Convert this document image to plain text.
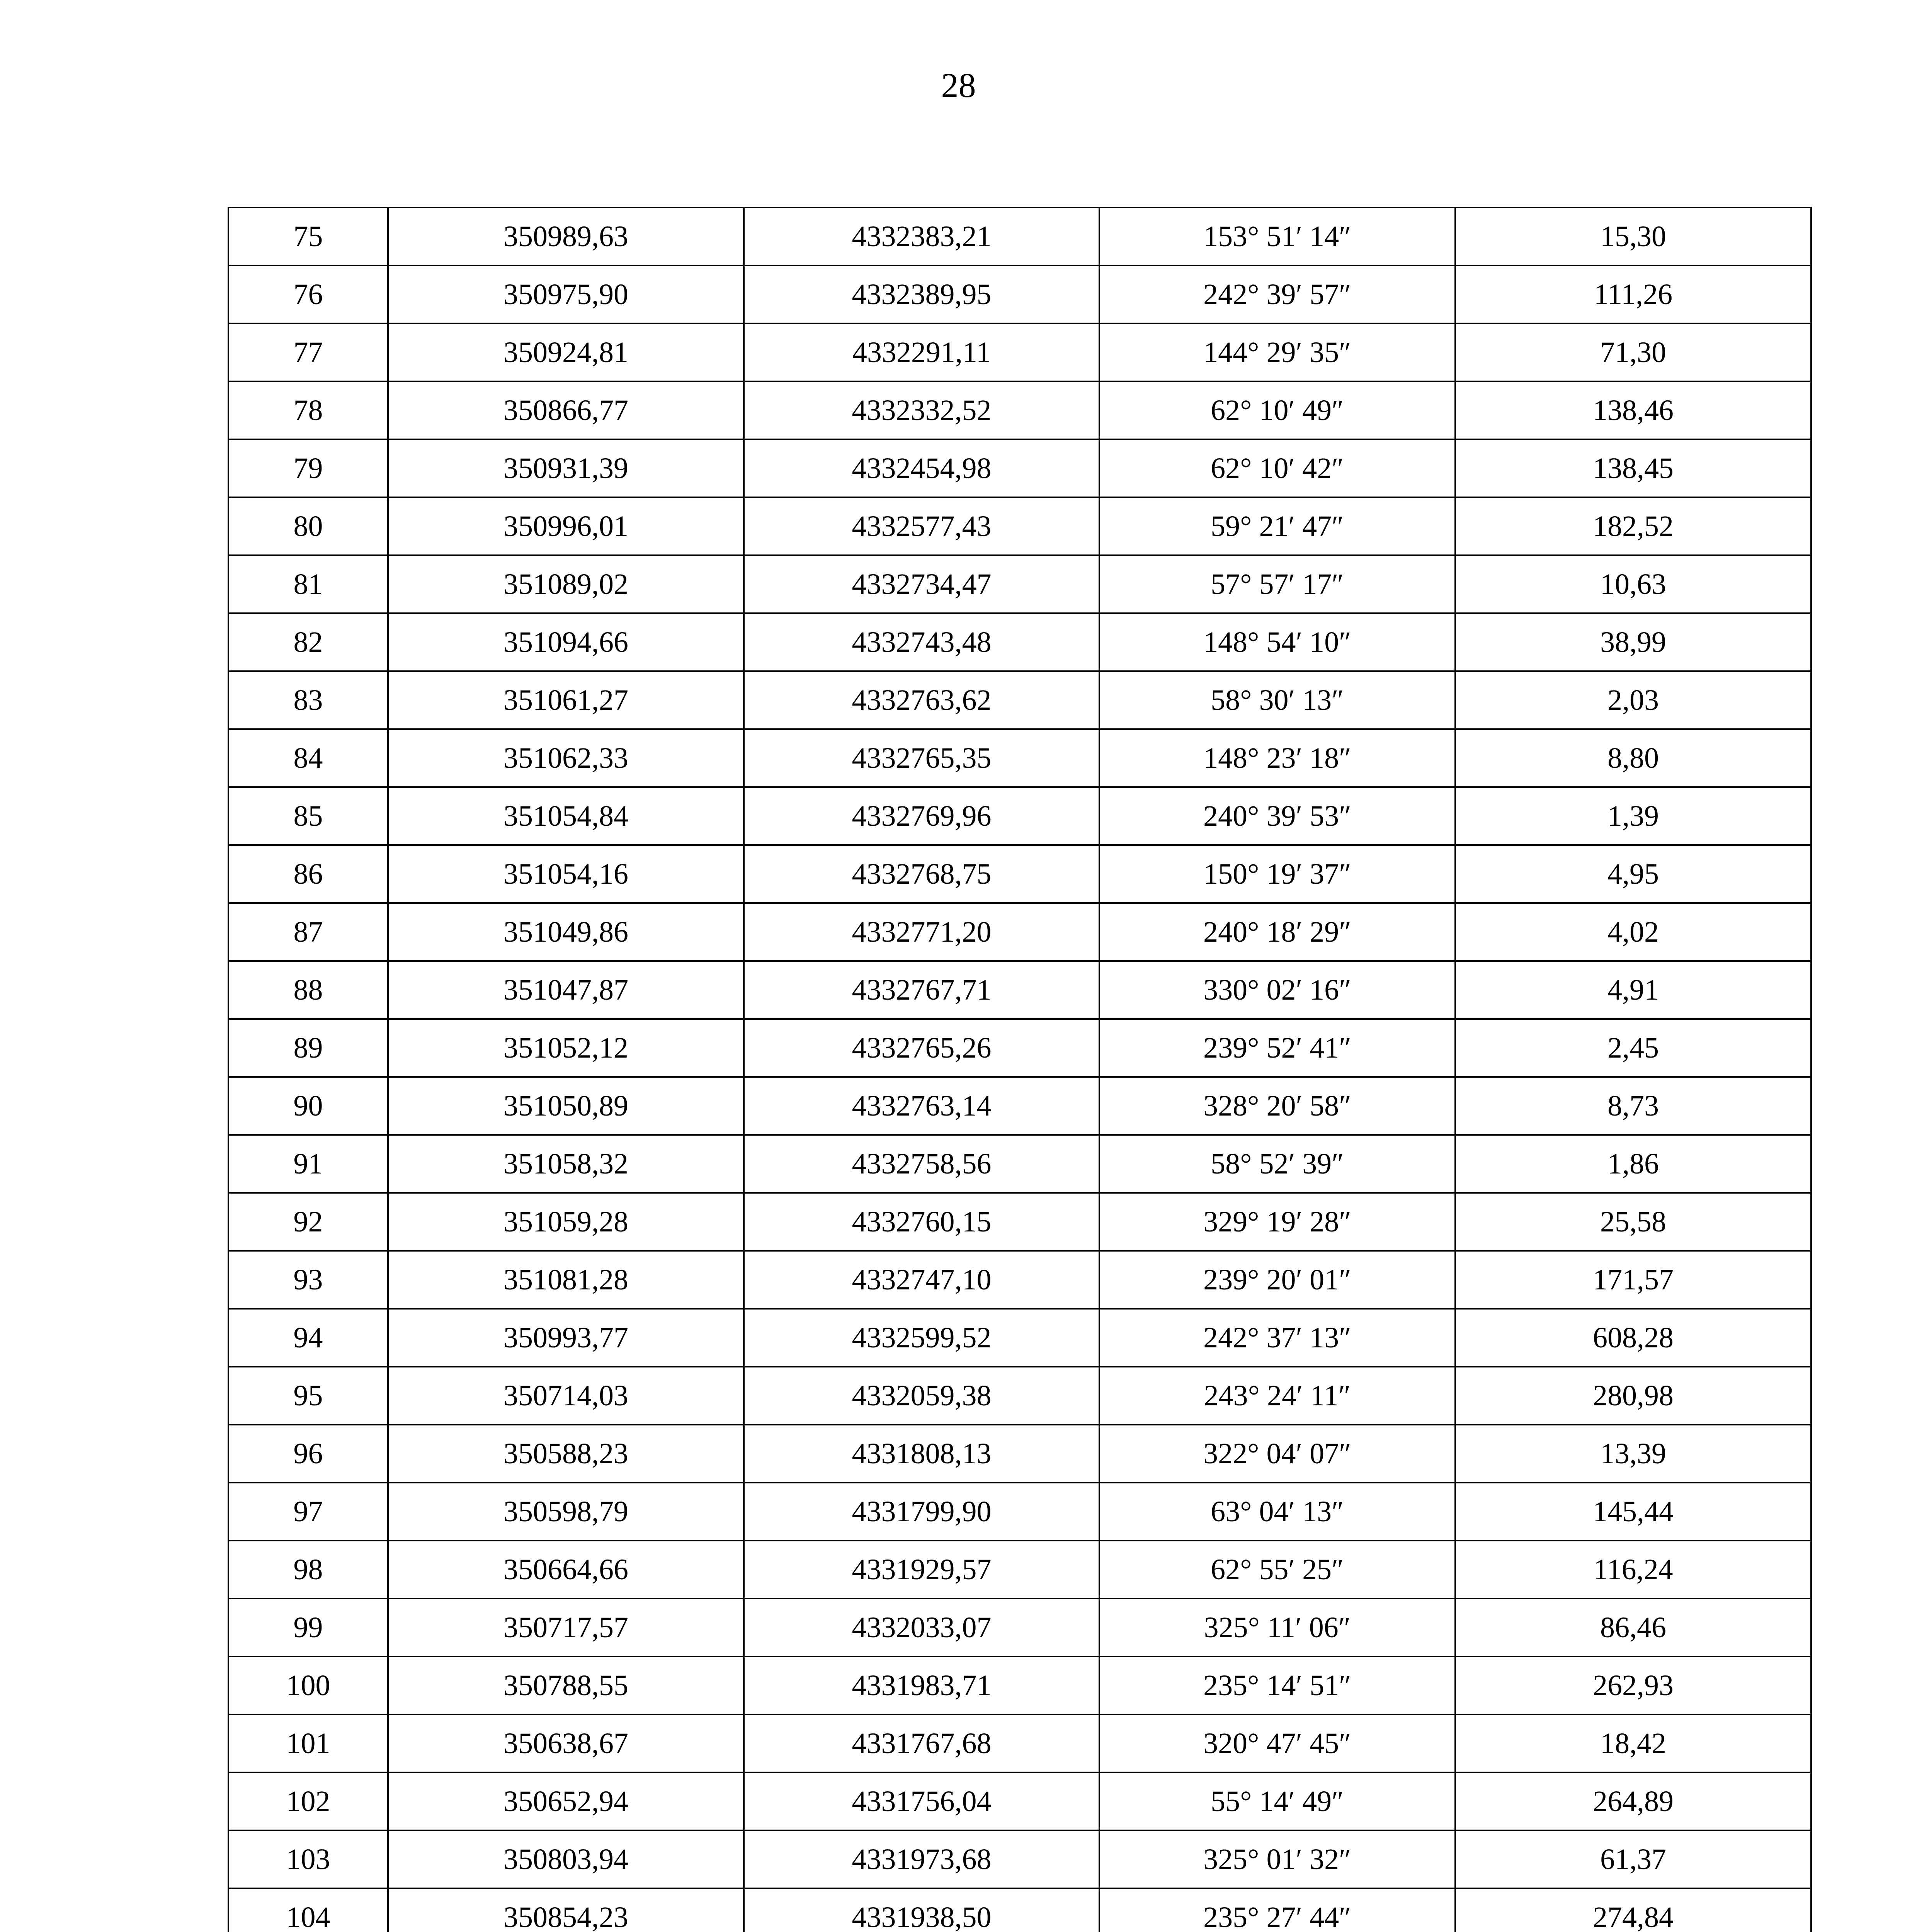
28
75	350989,63	4332383,21	153° 51′ 14″	15,30
76	350975,90	4332389,95	242° 39′ 57″	111,26
77	350924,81	4332291,11	144° 29′ 35″	71,30
78	350866,77	4332332,52	62° 10′ 49″	138,46
79	350931,39	4332454,98	62° 10′ 42″	138,45
80	350996,01	4332577,43	59° 21′ 47″	182,52
81	351089,02	4332734,47	57° 57′ 17″	10,63
82	351094,66	4332743,48	148° 54′ 10″	38,99
83	351061,27	4332763,62	58° 30′ 13″	2,03
84	351062,33	4332765,35	148° 23′ 18″	8,80
85	351054,84	4332769,96	240° 39′ 53″	1,39
86	351054,16	4332768,75	150° 19′ 37″	4,95
87	351049,86	4332771,20	240° 18′ 29″	4,02
88	351047,87	4332767,71	330° 02′ 16″	4,91
89	351052,12	4332765,26	239° 52′ 41″	2,45
90	351050,89	4332763,14	328° 20′ 58″	8,73
91	351058,32	4332758,56	58° 52′ 39″	1,86
92	351059,28	4332760,15	329° 19′ 28″	25,58
93	351081,28	4332747,10	239° 20′ 01″	171,57
94	350993,77	4332599,52	242° 37′ 13″	608,28
95	350714,03	4332059,38	243° 24′ 11″	280,98
96	350588,23	4331808,13	322° 04′ 07″	13,39
97	350598,79	4331799,90	63° 04′ 13″	145,44
98	350664,66	4331929,57	62° 55′ 25″	116,24
99	350717,57	4332033,07	325° 11′ 06″	86,46
100	350788,55	4331983,71	235° 14′ 51″	262,93
101	350638,67	4331767,68	320° 47′ 45″	18,42
102	350652,94	4331756,04	55° 14′ 49″	264,89
103	350803,94	4331973,68	325° 01′ 32″	61,37
104	350854,23	4331938,50	235° 27′ 44″	274,84
